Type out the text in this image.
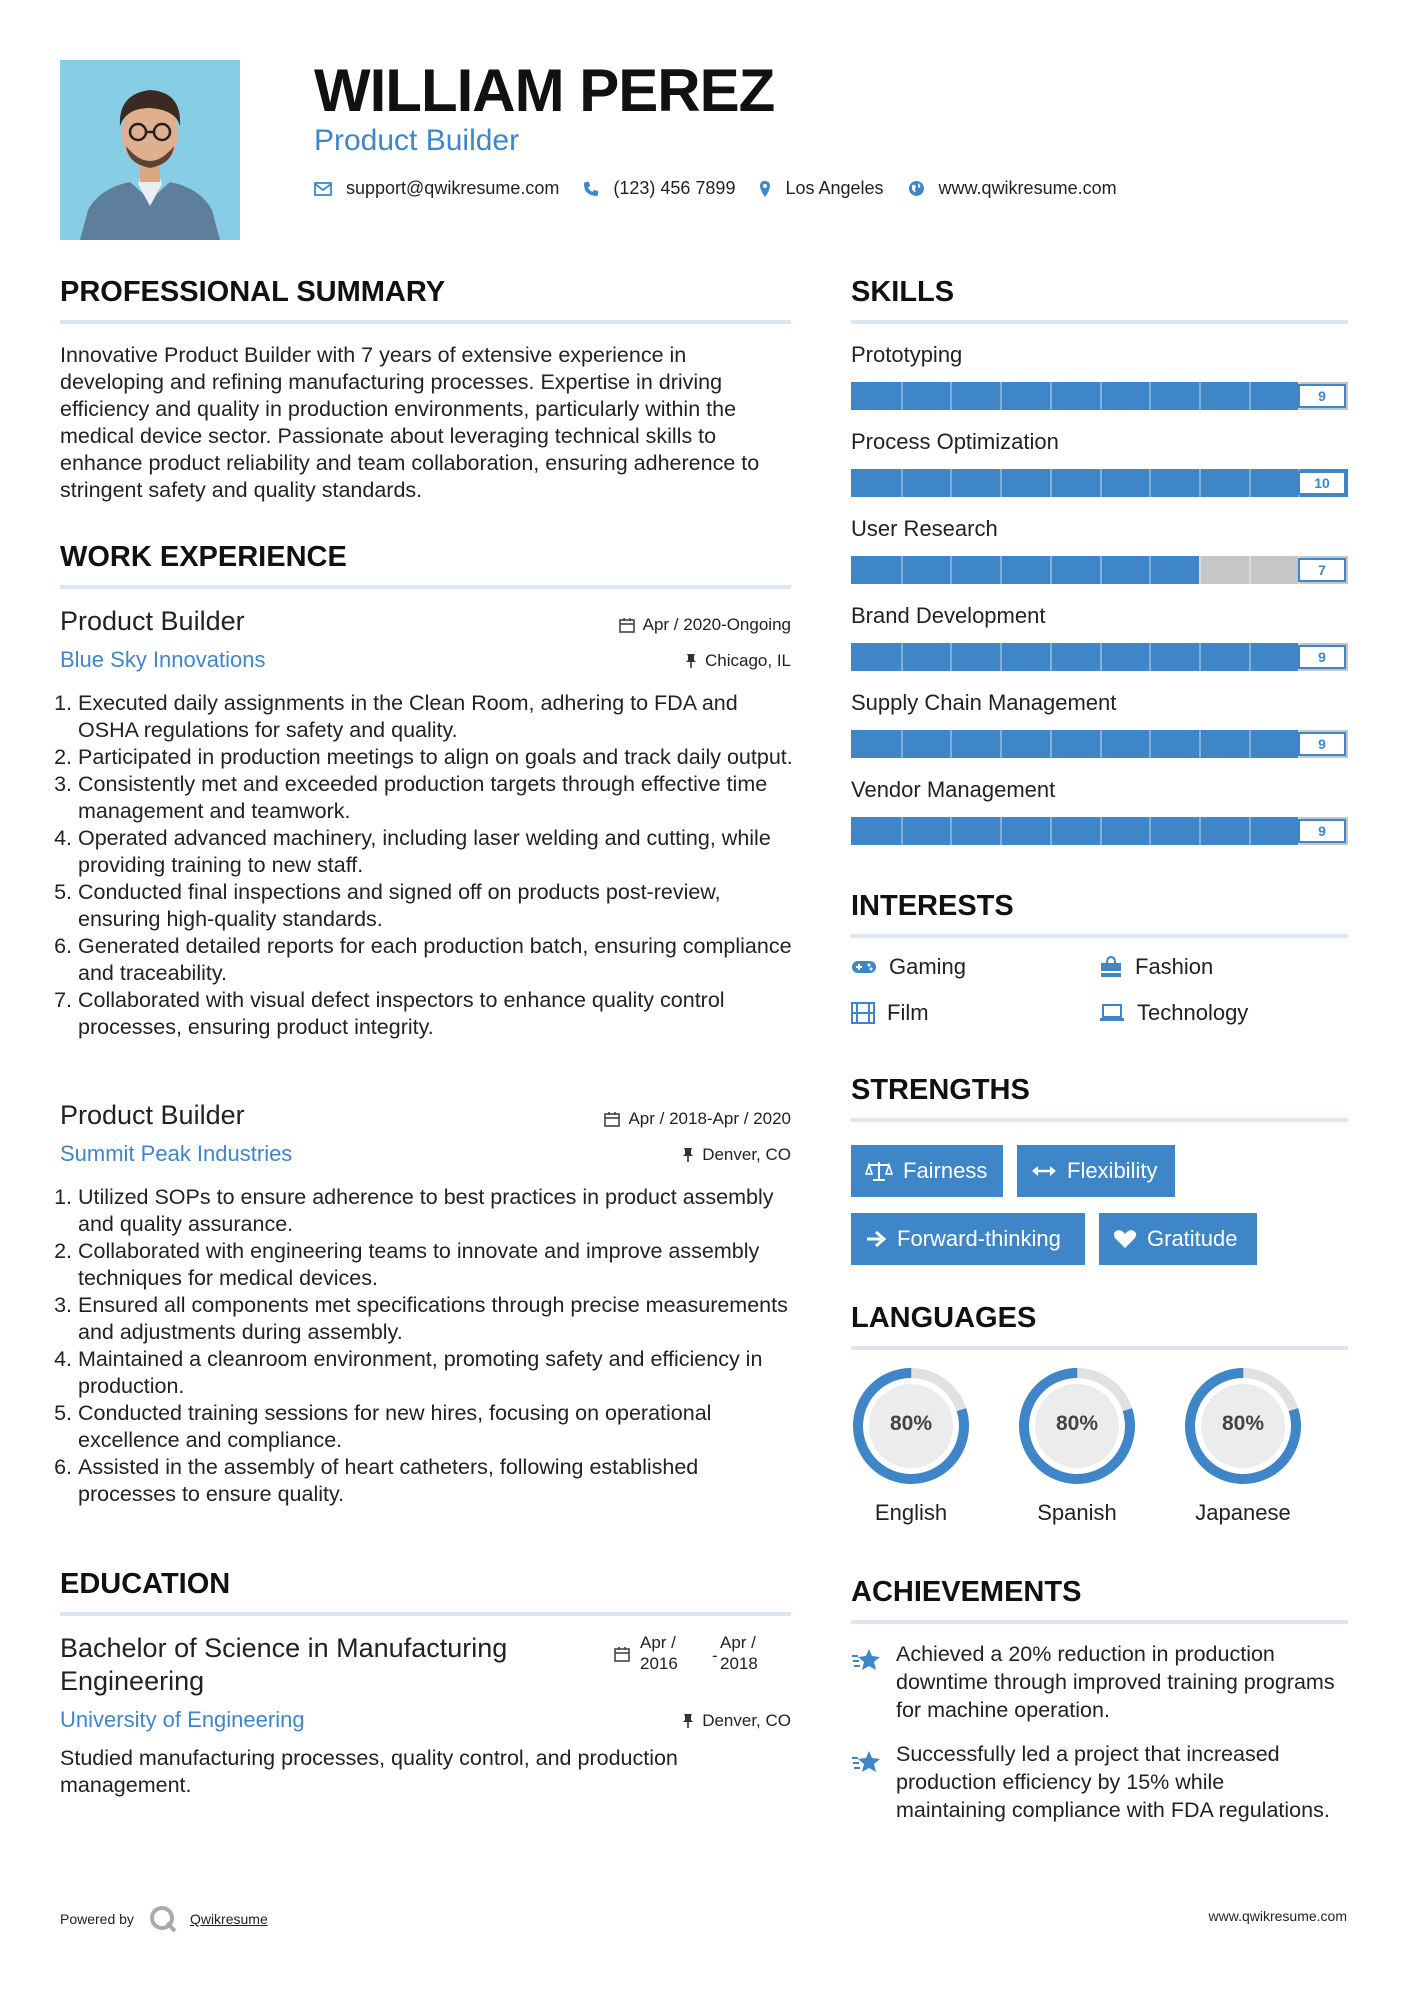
WILLIAM PEREZ
Product Builder
support@qwikresume.com	(123) 456 7899	Los Angeles	www.qwikresume.com
PROFESSIONAL SUMMARY
Innovative Product Builder with 7 years of extensive experience in developing and refining manufacturing processes. Expertise in driving efficiency and quality in production environments, particularly within the medical device sector. Passionate about leveraging technical skills to enhance product reliability and team collaboration, ensuring adherence to stringent safety and quality standards.
WORK EXPERIENCE
Product Builder	Apr / 2020-Ongoing
Blue Sky Innovations	Chicago, IL
1. Executed daily assignments in the Clean Room, adhering to FDA and OSHA regulations for safety and quality.
2. Participated in production meetings to align on goals and track daily output.
3. Consistently met and exceeded production targets through effective time management and teamwork.
4. Operated advanced machinery, including laser welding and cutting, while providing training to new staff.
5. Conducted final inspections and signed off on products post-review, ensuring high-quality standards.
6. Generated detailed reports for each production batch, ensuring compliance and traceability.
7. Collaborated with visual defect inspectors to enhance quality control processes, ensuring product integrity.
Product Builder	Apr / 2018-Apr / 2020
Summit Peak Industries	Denver, CO
1. Utilized SOPs to ensure adherence to best practices in product assembly and quality assurance.
2. Collaborated with engineering teams to innovate and improve assembly techniques for medical devices.
3. Ensured all components met specifications through precise measurements and adjustments during assembly.
4. Maintained a cleanroom environment, promoting safety and efficiency in production.
5. Conducted training sessions for new hires, focusing on operational excellence and compliance.
6. Assisted in the assembly of heart catheters, following established processes to ensure quality.
EDUCATION
Bachelor of Science in Manufacturing Engineering
Apr /
2016 -
Apr /
2018
University of Engineering	Denver, CO
Studied manufacturing processes, quality control, and production management.
SKILLS
Prototyping
9
Process Optimization
10
User Research
7
Brand Development
9
Supply Chain Management
9
Vendor Management
9
INTERESTS
Gaming	Fashion
Film	Technology
STRENGTHS
Fairness	Flexibility
Forward-thinking	Gratitude
LANGUAGES
80%
English
80%
Spanish
80%
Japanese
ACHIEVEMENTS
Achieved a 20% reduction in production downtime through improved training programs for machine operation.
Successfully led a project that increased production efficiency by 15% while maintaining compliance with FDA regulations.
Powered by	Qwikresume	www.qwikresume.com
